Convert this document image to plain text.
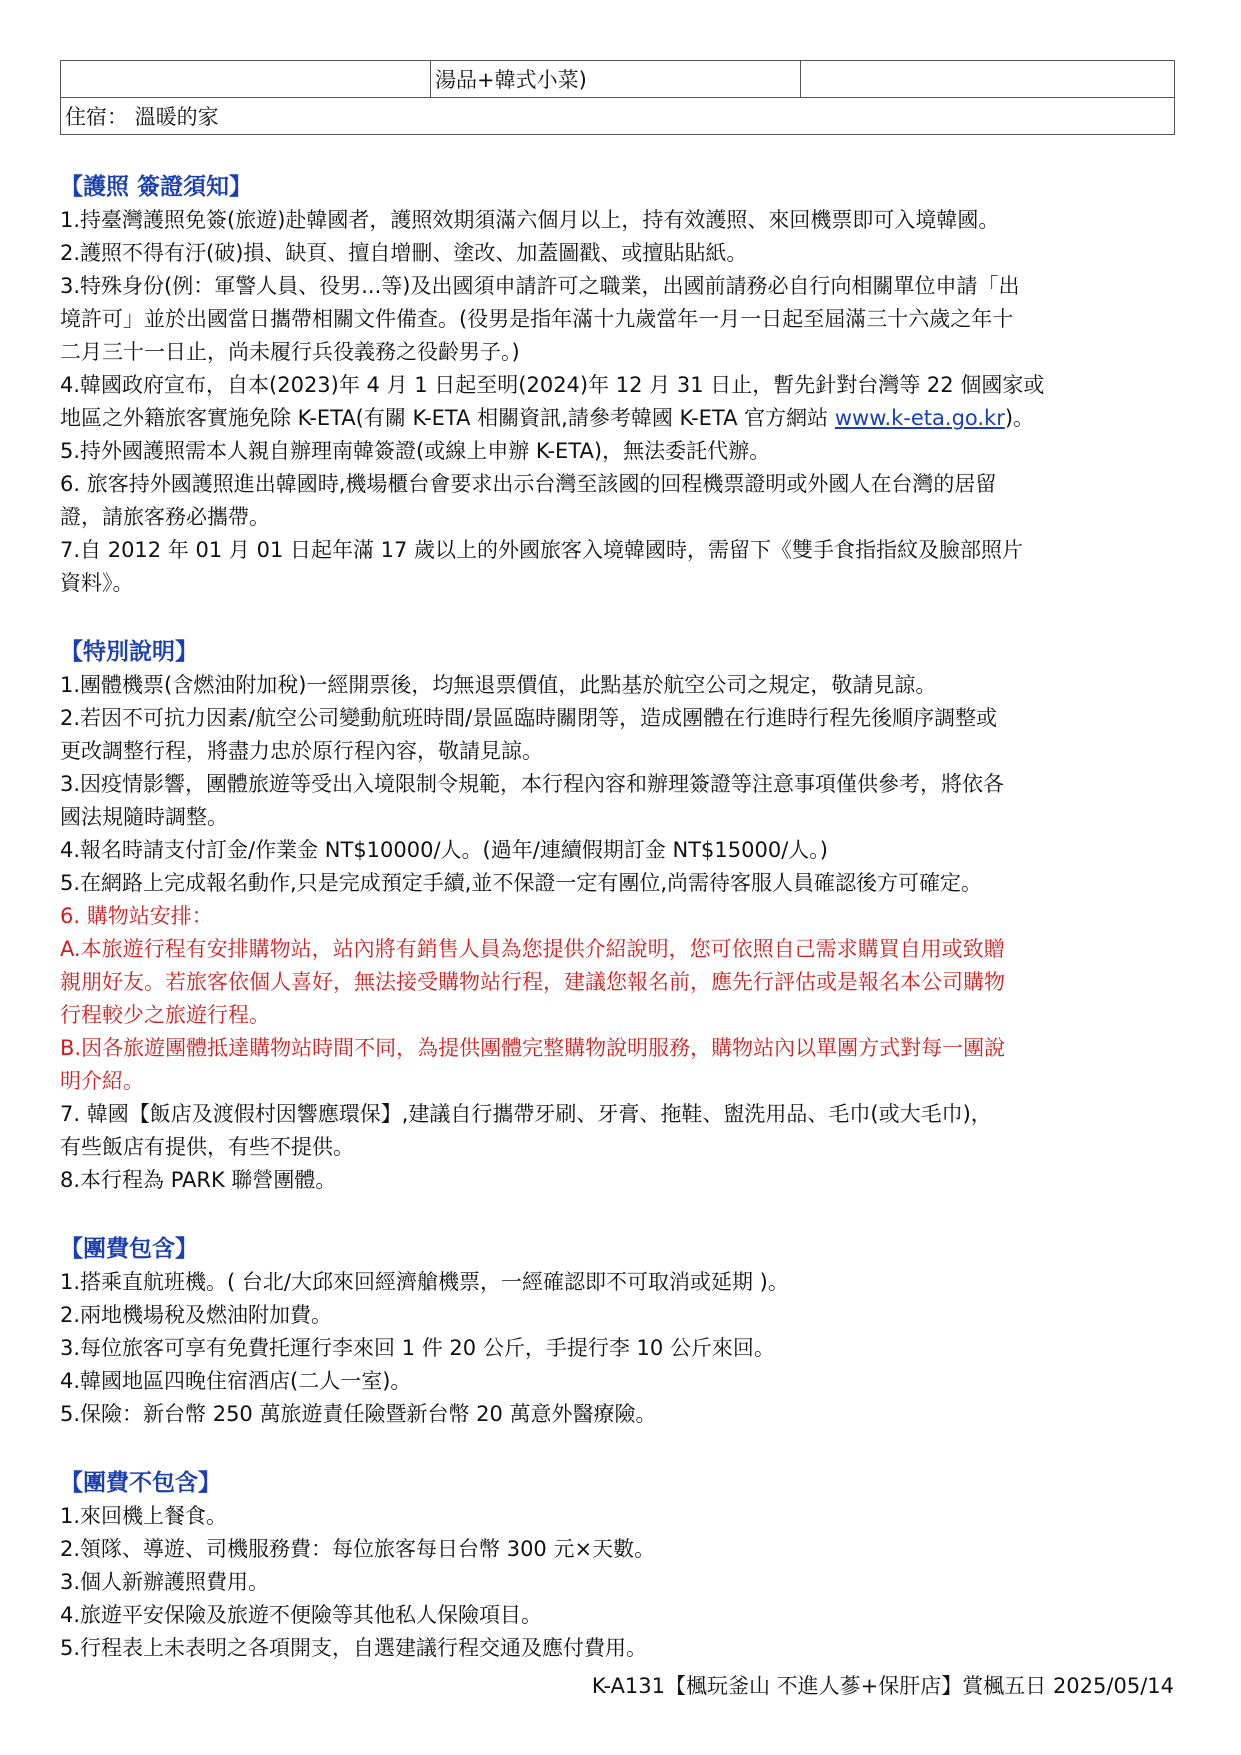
	湯品+韓式小菜)	
住宿： 溫暖的家
【護照 簽證須知】
1.持臺灣護照免簽(旅遊)赴韓國者，護照效期須滿六個月以上，持有效護照、來回機票即可入境韓國。
2.護照不得有汙(破)損、缺頁、擅自增刪、塗改、加蓋圖戳、或擅貼貼紙。
3.特殊身份(例：軍警人員、役男...等)及出國須申請許可之職業，出國前請務必自行向相關單位申請「出
境許可」並於出國當日攜帶相關文件備查。(役男是指年滿十九歲當年一月一日起至屆滿三十六歲之年十
二月三十一日止，尚未履行兵役義務之役齡男子。)
4.韓國政府宣布，自本(2023)年 4 月 1 日起至明(2024)年 12 月 31 日止，暫先針對台灣等 22 個國家或
地區之外籍旅客實施免除 K-ETA(有關 K-ETA 相關資訊,請參考韓國 K-ETA 官方網站 www.k-eta.go.kr)。
5.持外國護照需本人親自辦理南韓簽證(或線上申辦 K-ETA)，無法委託代辦。
6. 旅客持外國護照進出韓國時,機場櫃台會要求出示台灣至該國的回程機票證明或外國人在台灣的居留
證，請旅客務必攜帶。
7.自 2012 年 01 月 01 日起年滿 17 歲以上的外國旅客入境韓國時，需留下《雙手食指指紋及臉部照片
資料》。
【特別說明】
1.團體機票(含燃油附加稅)一經開票後，均無退票價值，此點基於航空公司之規定，敬請見諒。
2.若因不可抗力因素/航空公司變動航班時間/景區臨時關閉等，造成團體在行進時行程先後順序調整或
更改調整行程，將盡力忠於原行程內容，敬請見諒。
3.因疫情影響，團體旅遊等受出入境限制令規範，本行程內容和辦理簽證等注意事項僅供參考，將依各
國法規隨時調整。
4.報名時請支付訂金/作業金 NT$10000/人。(過年/連續假期訂金 NT$15000/人。)
5.在網路上完成報名動作,只是完成預定手續,並不保證一定有團位,尚需待客服人員確認後方可確定。
6. 購物站安排：
A.本旅遊行程有安排購物站，站內將有銷售人員為您提供介紹說明，您可依照自己需求購買自用或致贈
親朋好友。若旅客依個人喜好，無法接受購物站行程，建議您報名前，應先行評估或是報名本公司購物
行程較少之旅遊行程。
B.因各旅遊團體抵達購物站時間不同，為提供團體完整購物說明服務，購物站內以單團方式對每一團說
明介紹。
7. 韓國【飯店及渡假村因響應環保】,建議自行攜帶牙刷、牙膏、拖鞋、盥洗用品、毛巾(或大毛巾)，
有些飯店有提供，有些不提供。
8.本行程為 PARK 聯營團體。
【團費包含】
1.搭乘直航班機。( 台北/大邱來回經濟艙機票，一經確認即不可取消或延期 )。
2.兩地機場稅及燃油附加費。
3.每位旅客可享有免費托運行李來回 1 件 20 公斤，手提行李 10 公斤來回。
4.韓國地區四晚住宿酒店(二人一室)。
5.保險：新台幣 250 萬旅遊責任險暨新台幣 20 萬意外醫療險。
【團費不包含】
1.來回機上餐食。
2.領隊、導遊、司機服務費：每位旅客每日台幣 300 元×天數。
3.個人新辦護照費用。
4.旅遊平安保險及旅遊不便險等其他私人保險項目。
5.行程表上未表明之各項開支，自選建議行程交通及應付費用。
K-A131【楓玩釜山 不進人蔘+保肝店】賞楓五日 2025/05/14
